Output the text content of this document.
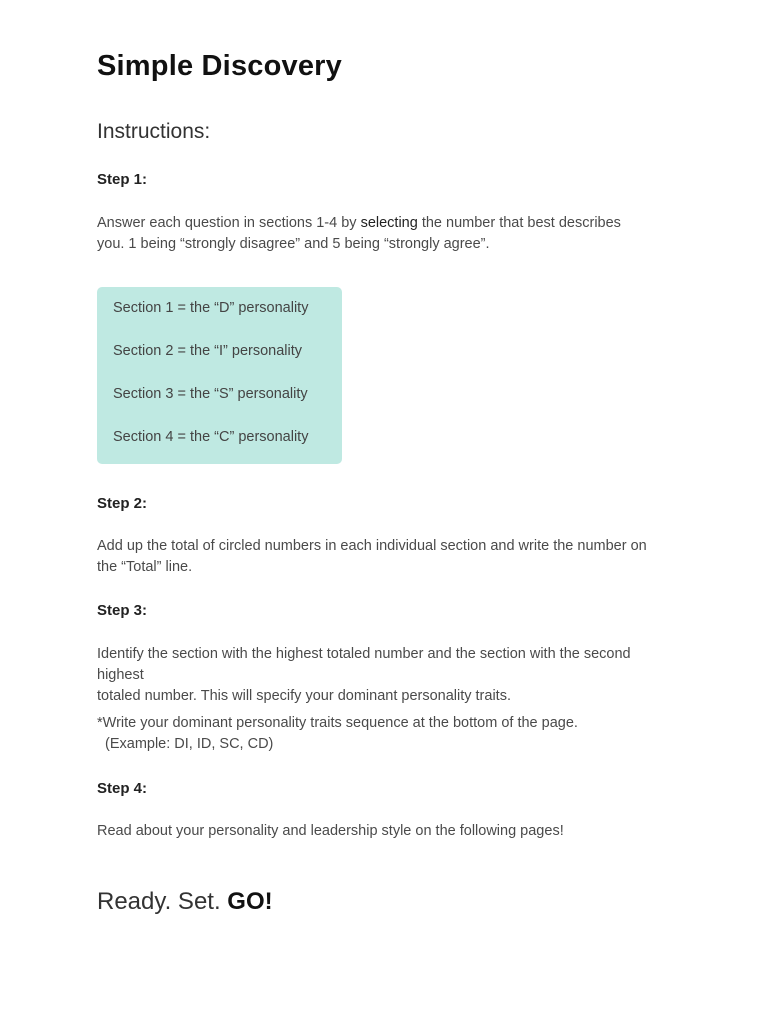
Simple Discovery
Instructions:
Step 1:

Answer each question in sections 1-4 by selecting the number that best describes
you. 1 being “strongly disagree” and 5 being “strongly agree”.

Section 1 = the “D” personality

Section 2 = the “I” personality

Section 3 = the “S” personality

Section 4 = the “C” personality

Step 2:

Add up the total of circled numbers in each individual section and write the number on
the “Total” line.

Step 3:

Identify the section with the highest totaled number and the section with the second highest
totaled number. This will specify your dominant personality traits.

*Write your dominant personality traits sequence at the bottom of the page.
(Example: DI, ID, SC, CD)

Step 4:

Read about your personality and leadership style on the following pages!

Ready. Set. GO!
